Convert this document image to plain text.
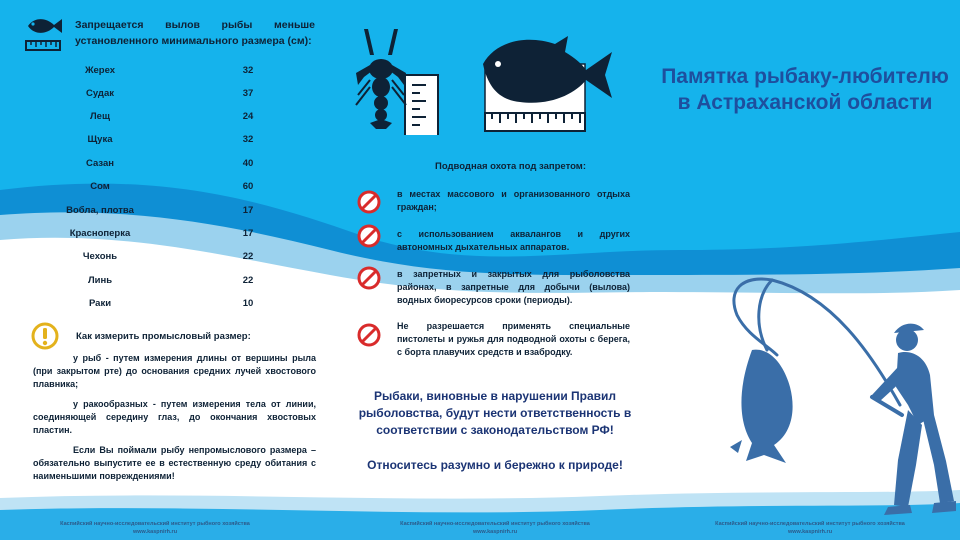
Запрещается вылов рыбы меньше установленного минимального размера (см):
Жерех	32
Судак	37
Лещ	24
Щука	32
Сазан	40
Сом	60
Вобла, плотва	17
Красноперка	17
Чехонь	22
Линь	22
Раки	10
Как измерить промысловый размер:
у рыб - путем измерения длины от вершины рыла (при закрытом рте) до основания средних лучей хвостового плавника;
у ракообразных - путем измерения тела от линии, соединяющей середину глаз, до окончания хвостовых пластин.
Если Вы поймали рыбу непромыслового размера – обязательно выпустите ее в естественную среду обитания с наименьшими повреждениями!
Подводная охота под запретом:
в местах массового и организованного отдыха граждан;
с использованием аквалангов и других автономных дыхательных аппаратов.
в запретных и закрытых для рыболовства районах, в запретные для добычи (вылова) водных биоресурсов сроки (периоды).
Не разрешается применять специальные пистолеты и ружья для подводной охоты с берега, с борта плавучих средств и взабродку.
Рыбаки, виновные в нарушении Правил рыболовства, будут нести ответственность в соответствии с законодательством РФ!
Относитесь разумно и бережно к природе!
Памятка рыбаку-любителю в Астраханской области
Каспийский научно-исследовательский институт рыбного хозяйства
www.kaspnirh.ru
Каспийский научно-исследовательский институт рыбного хозяйства
www.kaspnirh.ru
Каспийский научно-исследовательский институт рыбного хозяйства
www.kaspnirh.ru
